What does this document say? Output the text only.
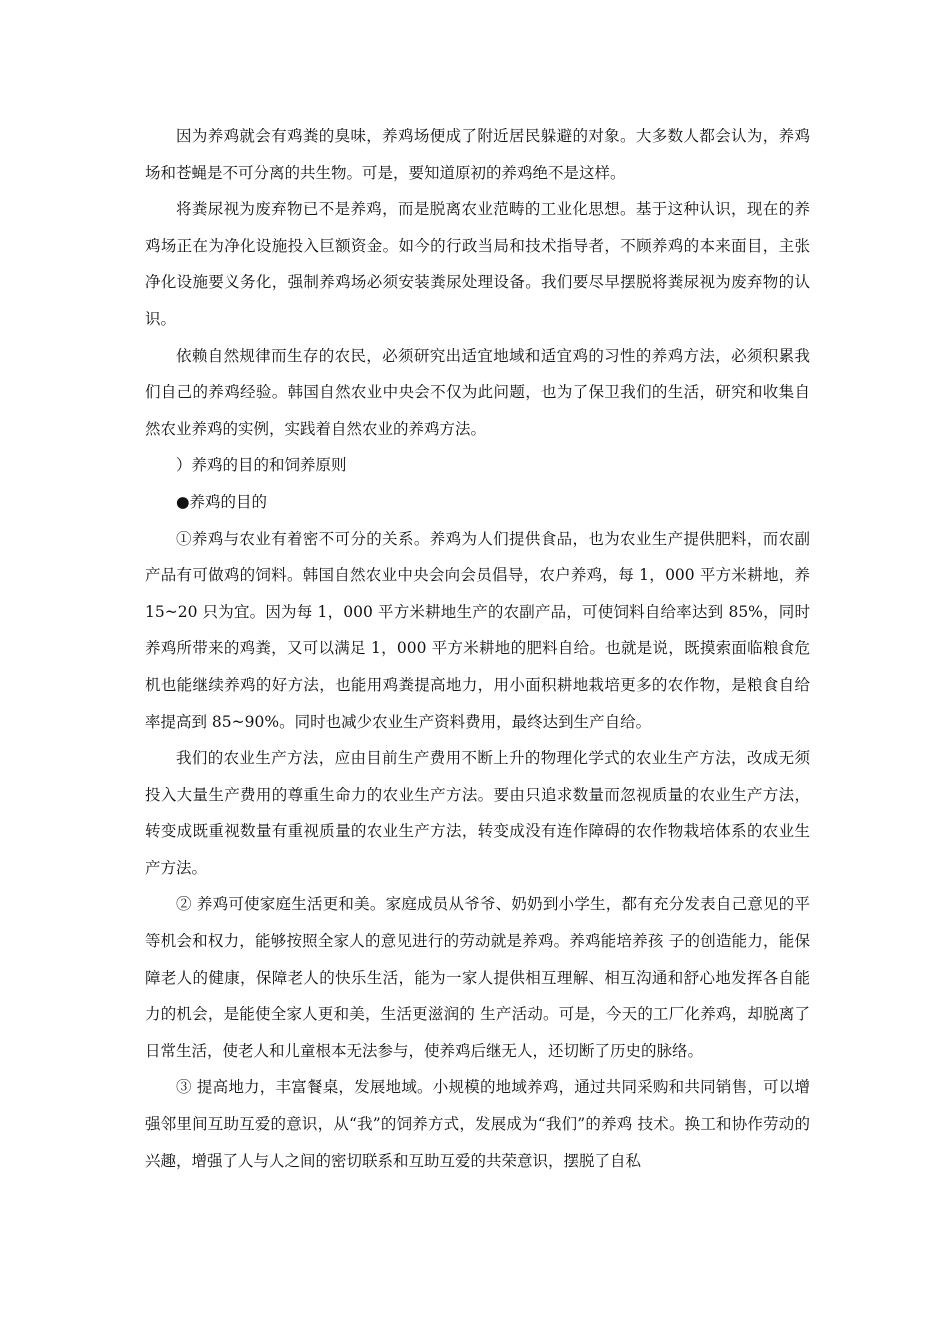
因为养鸡就会有鸡粪的臭味，养鸡场便成了附近居民躲避的对象。大多数人都会认为，养鸡场和苍蝇是不可分离的共生物。可是，要知道原初的养鸡绝不是这样。

将粪尿视为废弃物已不是养鸡，而是脱离农业范畴的工业化思想。基于这种认识，现在的养鸡场正在为净化设施投入巨额资金。如今的行政当局和技术指导者，不顾养鸡的本来面目，主张净化设施要义务化，强制养鸡场必须安装粪尿处理设备。我们要尽早摆脱将粪尿视为废弃物的认识。

依赖自然规律而生存的农民，必须研究出适宜地域和适宜鸡的习性的养鸡方法，必须积累我们自己的养鸡经验。韩国自然农业中央会不仅为此问题，也为了保卫我们的生活，研究和收集自然农业养鸡的实例，实践着自然农业的养鸡方法。

）养鸡的目的和饲养原则

●养鸡的目的

①养鸡与农业有着密不可分的关系。养鸡为人们提供食品，也为农业生产提供肥料，而农副产品有可做鸡的饲料。韩国自然农业中央会向会员倡导，农户养鸡，每 1，000 平方米耕地，养 15~20 只为宜。因为每 1，000 平方米耕地生产的农副产品，可使饲料自给率达到 85%，同时养鸡所带来的鸡粪，又可以满足 1，000 平方米耕地的肥料自给。也就是说，既摸索面临粮食危机也能继续养鸡的好方法，也能用鸡粪提高地力，用小面积耕地栽培更多的农作物，是粮食自给率提高到 85~90%。同时也减少农业生产资料费用，最终达到生产自给。

我们的农业生产方法，应由目前生产费用不断上升的物理化学式的农业生产方法，改成无须投入大量生产费用的尊重生命力的农业生产方法。要由只追求数量而忽视质量的农业生产方法，转变成既重视数量有重视质量的农业生产方法，转变成没有连作障碍的农作物栽培体系的农业生产方法。

② 养鸡可使家庭生活更和美。家庭成员从爷爷、奶奶到小学生，都有充分发表自己意见的平等机会和权力，能够按照全家人的意见进行的劳动就是养鸡。养鸡能培养孩 子的创造能力，能保障老人的健康，保障老人的快乐生活，能为一家人提供相互理解、相互沟通和舒心地发挥各自能力的机会，是能使全家人更和美，生活更滋润的 生产活动。可是，今天的工厂化养鸡，却脱离了日常生活，使老人和儿童根本无法参与，使养鸡后继无人，还切断了历史的脉络。

③ 提高地力，丰富餐桌，发展地域。小规模的地域养鸡，通过共同采购和共同销售，可以增强邻里间互助互爱的意识，从“我”的饲养方式，发展成为“我们”的养鸡 技术。换工和协作劳动的兴趣，增强了人与人之间的密切联系和互助互爱的共荣意识，摆脱了自私
